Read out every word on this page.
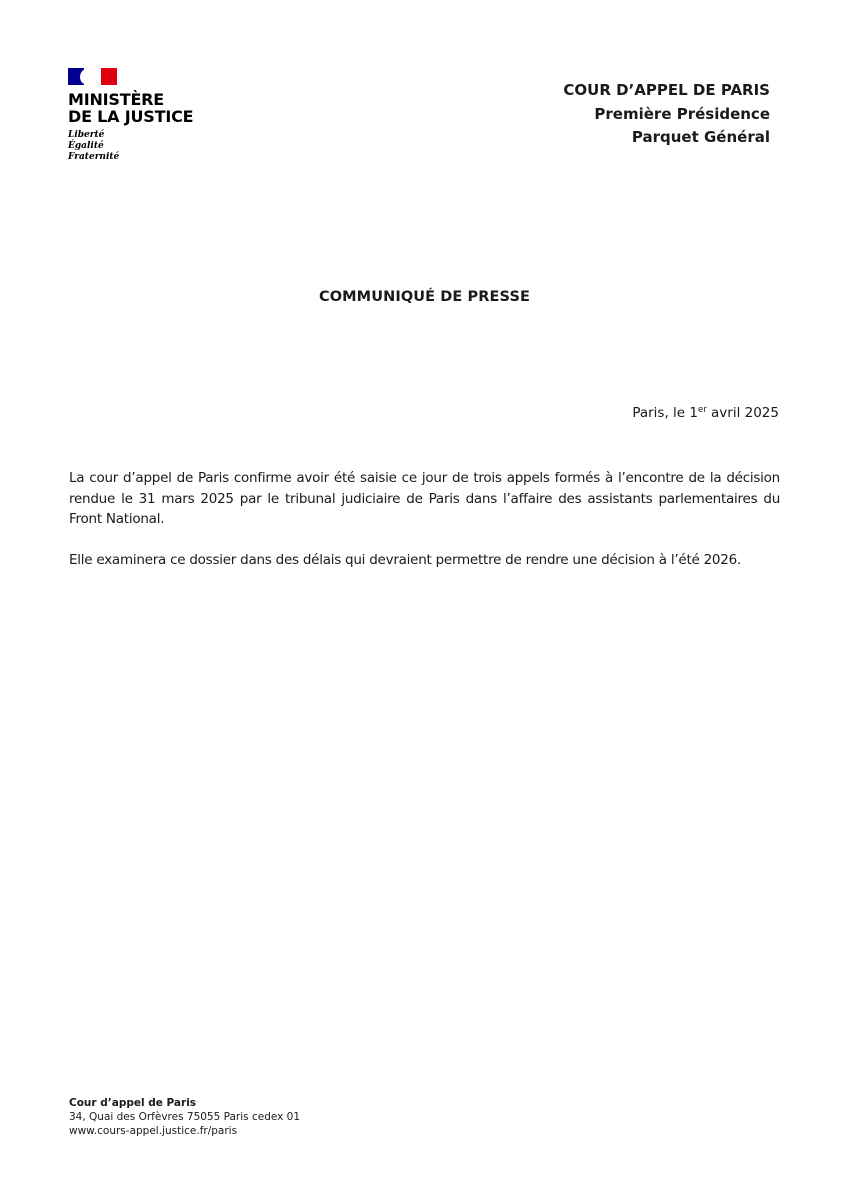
MINISTÈRE
DE LA JUSTICE
Liberté
Égalité
Fraternité
COUR D’APPEL DE PARIS
Première Présidence
Parquet Général
COMMUNIQUÉ DE PRESSE
Paris, le 1er avril 2025

La cour d’appel de Paris confirme avoir été saisie ce jour de trois appels formés à l’encontre de la décision rendue le 31 mars 2025 par le tribunal judiciaire de Paris dans l’affaire des assistants parlementaires du Front National.

Elle examinera ce dossier dans des délais qui devraient permettre de rendre une décision à l’été 2026.

Cour d’appel de Paris
34, Quai des Orfèvres 75055 Paris cedex 01
www.cours-appel.justice.fr/paris
